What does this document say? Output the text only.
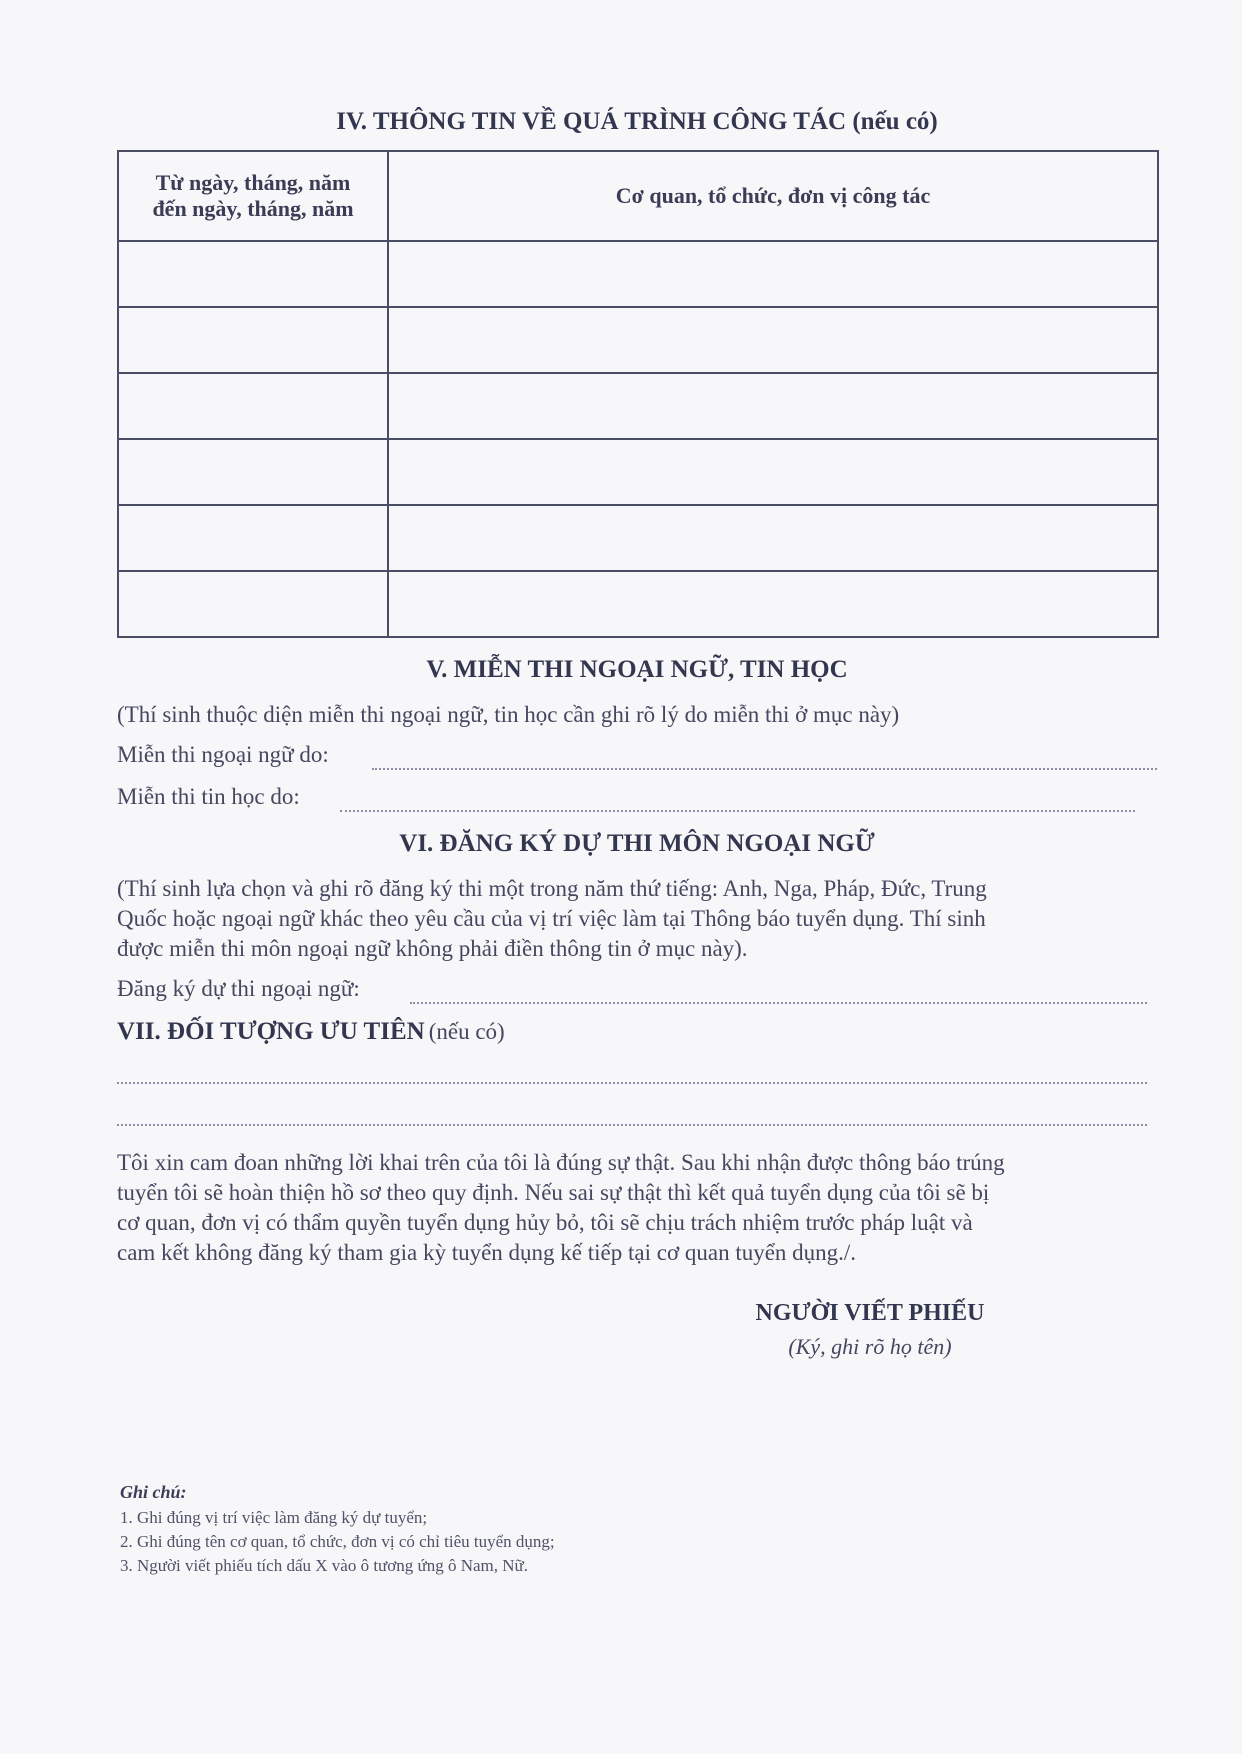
IV. THÔNG TIN VỀ QUÁ TRÌNH CÔNG TÁC (nếu có)
Từ ngày, tháng, năm
đến ngày, tháng, năm	Cơ quan, tổ chức, đơn vị công tác

V. MIỄN THI NGOẠI NGỮ, TIN HỌC
(Thí sinh thuộc diện miễn thi ngoại ngữ, tin học cần ghi rõ lý do miễn thi ở mục này)
Miễn thi ngoại ngữ do:
Miễn thi tin học do:
VI. ĐĂNG KÝ DỰ THI MÔN NGOẠI NGỮ
(Thí sinh lựa chọn và ghi rõ đăng ký thi một trong năm thứ tiếng: Anh, Nga, Pháp, Đức, Trung
Quốc hoặc ngoại ngữ khác theo yêu cầu của vị trí việc làm tại Thông báo tuyển dụng. Thí sinh
được miễn thi môn ngoại ngữ không phải điền thông tin ở mục này).
Đăng ký dự thi ngoại ngữ:
VII. ĐỐI TƯỢNG ƯU TIÊN (nếu có)
Tôi xin cam đoan những lời khai trên của tôi là đúng sự thật. Sau khi nhận được thông báo trúng
tuyển tôi sẽ hoàn thiện hồ sơ theo quy định. Nếu sai sự thật thì kết quả tuyển dụng của tôi sẽ bị
cơ quan, đơn vị có thẩm quyền tuyển dụng hủy bỏ, tôi sẽ chịu trách nhiệm trước pháp luật và
cam kết không đăng ký tham gia kỳ tuyển dụng kế tiếp tại cơ quan tuyển dụng./.
NGƯỜI VIẾT PHIẾU
(Ký, ghi rõ họ tên)
Ghi chú:
1. Ghi đúng vị trí việc làm đăng ký dự tuyển;
2. Ghi đúng tên cơ quan, tổ chức, đơn vị có chỉ tiêu tuyển dụng;
3. Người viết phiếu tích dấu X vào ô tương ứng ô Nam, Nữ.
